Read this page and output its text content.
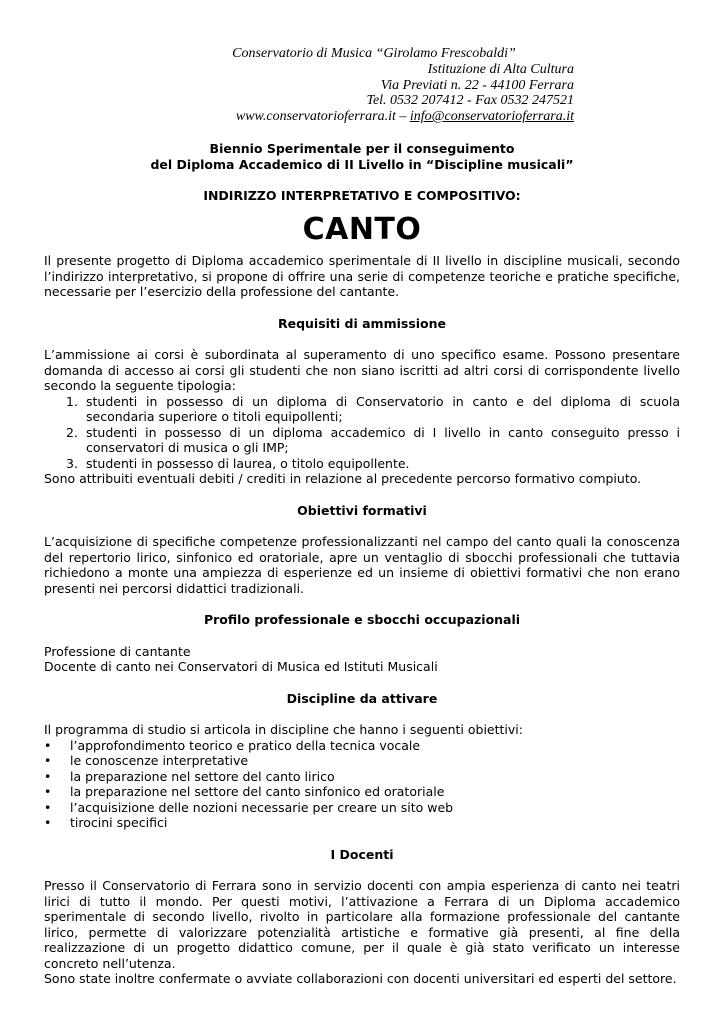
Conservatorio di Musica “Girolamo Frescobaldi”
Istituzione di Alta Cultura
Via Previati n. 22 - 44100 Ferrara
Tel. 0532 207412 - Fax 0532 247521
www.conservatorioferrara.it – info@conservatorioferrara.it
Biennio Sperimentale per il conseguimento
del Diploma Accademico di II Livello in “Discipline musicali”
INDIRIZZO INTERPRETATIVO E COMPOSITIVO:
CANTO

Il presente progetto di Diploma accademico sperimentale di II livello in discipline musicali, secondo l’indirizzo interpretativo, si propone di offrire una serie di competenze teoriche e pratiche specifiche, necessarie per l’esercizio della professione del cantante.

Requisiti di ammissione

L’ammissione ai corsi è subordinata al superamento di uno specifico esame. Possono presentare domanda di accesso ai corsi gli studenti che non siano iscritti ad altri corsi di corrispondente livello secondo la seguente tipologia:

1. studenti in possesso di un diploma di Conservatorio in canto e del diploma di scuola secondaria superiore o titoli equipollenti;
2. studenti in possesso di un diploma accademico di I livello in canto conseguito presso i conservatori di musica o gli IMP;
3. studenti in possesso di laurea, o titolo equipollente.

Sono attribuiti eventuali debiti / crediti in relazione al precedente percorso formativo compiuto.

Obiettivi formativi

L’acquisizione di specifiche competenze professionalizzanti nel campo del canto quali la conoscenza del repertorio lirico, sinfonico ed oratoriale, apre un ventaglio di sbocchi professionali che tuttavia richiedono a monte una ampiezza di esperienze ed un insieme di obiettivi formativi che non erano presenti nei percorsi didattici tradizionali.

Profilo professionale e sbocchi occupazionali

Professione di cantante

Docente di canto nei Conservatori di Musica ed Istituti Musicali

Discipline da attivare

Il programma di studio si articola in discipline che hanno i seguenti obiettivi:

• l’approfondimento teorico e pratico della tecnica vocale
• le conoscenze interpretative
• la preparazione nel settore del canto lirico
• la preparazione nel settore del canto sinfonico ed oratoriale
• l’acquisizione delle nozioni necessarie per creare un sito web
• tirocini specifici
I Docenti

Presso il Conservatorio di Ferrara sono in servizio docenti con ampia esperienza di canto nei teatri lirici di tutto il mondo. Per questi motivi, l’attivazione a Ferrara di un Diploma accademico sperimentale di secondo livello, rivolto in particolare alla formazione professionale del cantante lirico, permette di valorizzare potenzialità artistiche e formative già presenti, al fine della realizzazione di un progetto didattico comune, per il quale è già stato verificato un interesse concreto nell’utenza.

Sono state inoltre confermate o avviate collaborazioni con docenti universitari ed esperti del settore.
